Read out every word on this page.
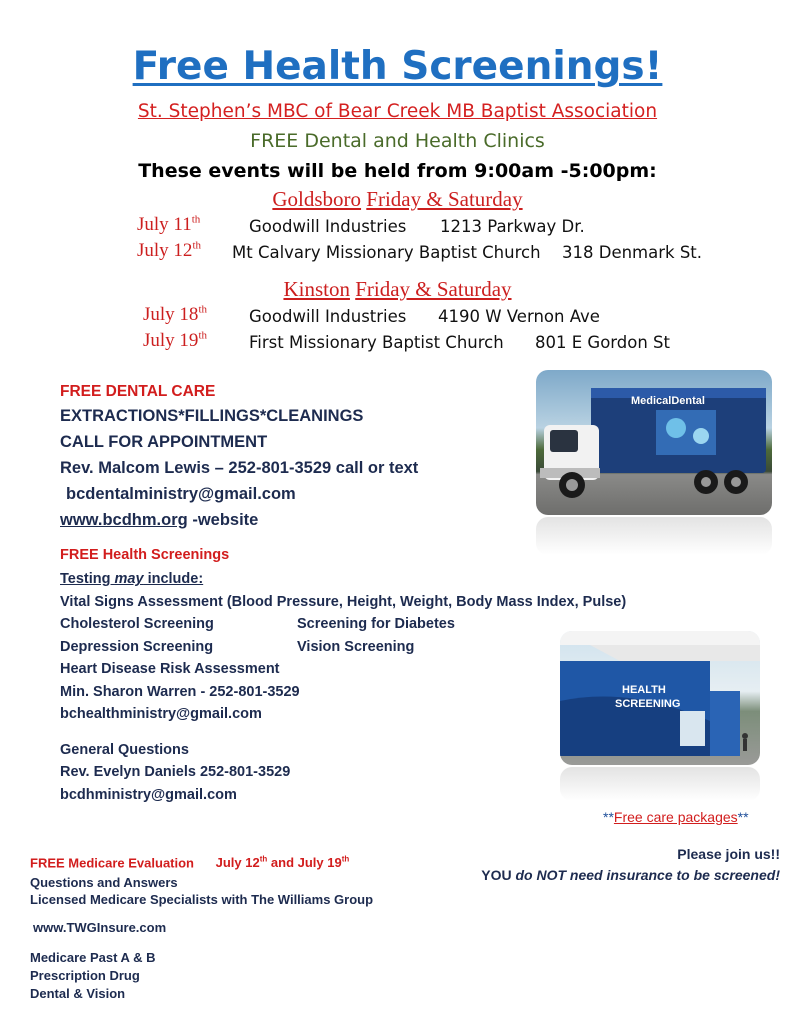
Free Health Screenings!
St. Stephen’s MBC of Bear Creek MB Baptist Association
FREE Dental and Health Clinics
These events will be held from 9:00am -5:00pm:
Goldsboro Friday & Saturday
July 11th	Goodwill Industries 1213 Parkway Dr.
July 12th Mt Calvary Missionary Baptist Church 318 Denmark St.
Kinston Friday & Saturday
July 18th	Goodwill Industries 4190 W Vernon Ave
July 19th	First Missionary Baptist Church 801 E Gordon St
FREE DENTAL CARE
EXTRACTIONS*FILLINGS*CLEANINGS
CALL FOR APPOINTMENT
Rev. Malcom Lewis – 252-801-3529 call or text
bcdentalministry@gmail.com
www.bcdhm.org -website
MedicalDental
FREE Health Screenings
Testing may include:
Vital Signs Assessment (Blood Pressure, Height, Weight, Body Mass Index, Pulse)
Cholesterol Screening	Screening for Diabetes
Depression Screening	Vision Screening
Heart Disease Risk Assessment
Min. Sharon Warren - 252-801-3529
bchealthministry@gmail.com
HEALTH
SCREENING
General Questions
Rev. Evelyn Daniels 252-801-3529
bcdhministry@gmail.com
**Free care packages**
FREE Medicare Evaluation July 12th and July 19th
Questions and Answers
Licensed Medicare Specialists with The Williams Group
www.TWGInsure.com
Medicare Past A & B
Prescription Drug
Dental & Vision
Please join us!!
YOU do NOT need insurance to be screened!
